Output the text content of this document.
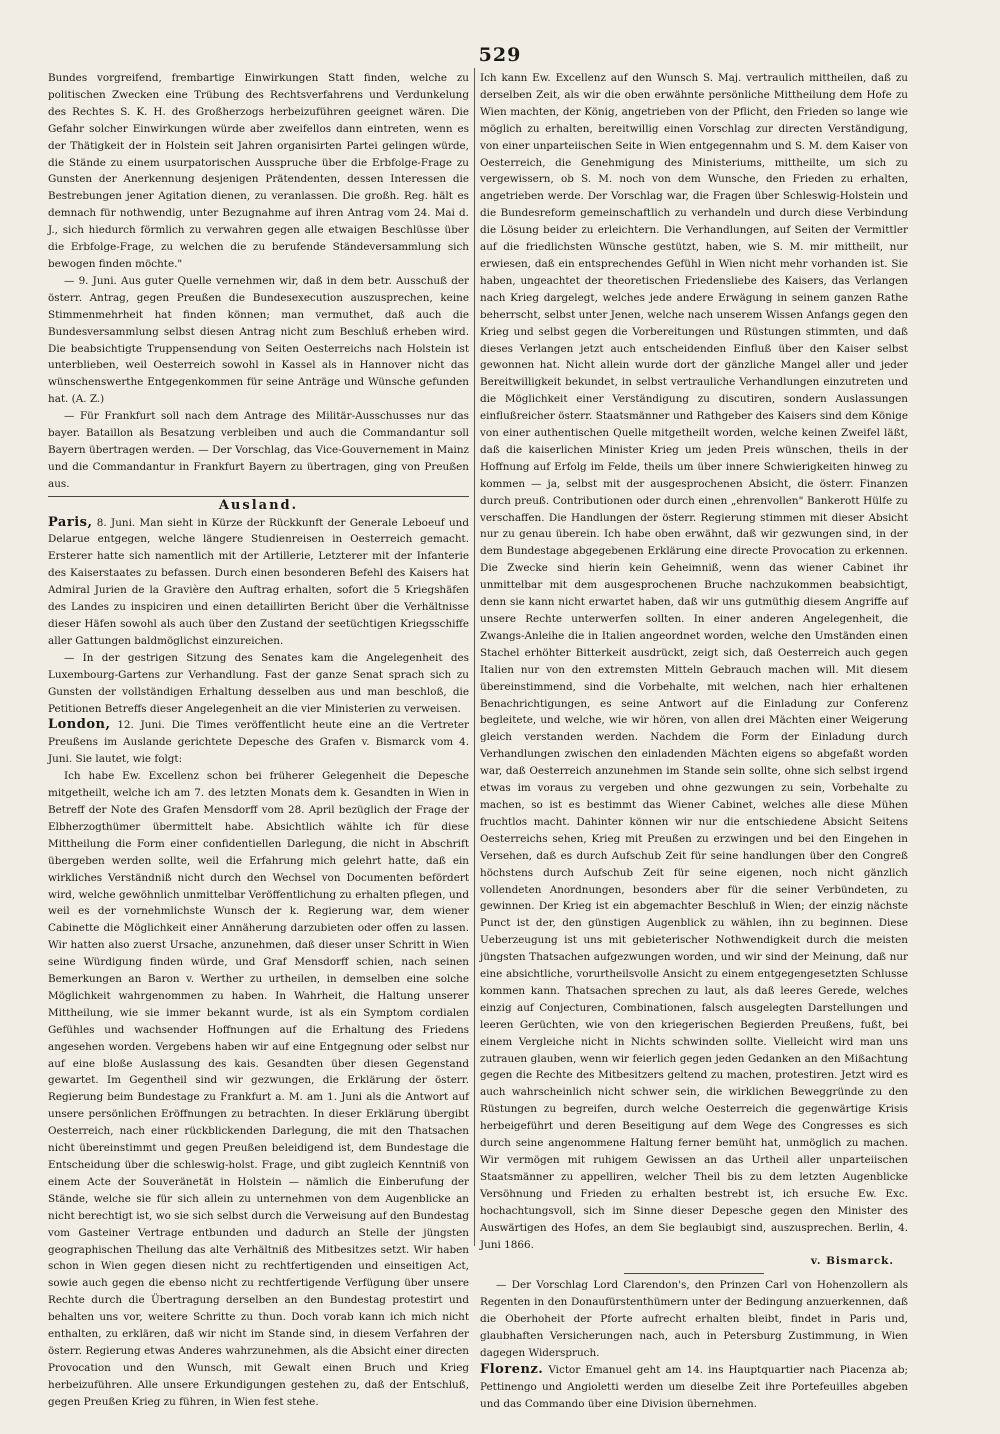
529

Bundes vorgreifend, frembartige Einwirkungen Statt finden, welche zu politischen Zwecken eine Trübung des Rechtsverfahrens und Verdunkelung des Rechtes S. K. H. des Großherzogs herbeizuführen geeignet wären. Die Gefahr solcher Einwirkungen würde aber zweifellos dann eintreten, wenn es der Thätigkeit der in Holstein seit Jahren organisirten Partei gelingen würde, die Stände zu einem usurpatorischen Ausspruche über die Erbfolge-Frage zu Gunsten der Anerkennung desjenigen Prätendenten, dessen Interessen die Bestrebungen jener Agitation dienen, zu veranlassen. Die großh. Reg. hält es demnach für nothwendig, unter Bezugnahme auf ihren Antrag vom 24. Mai d. J., sich hiedurch förmlich zu verwahren gegen alle etwaigen Beschlüsse über die Erbfolge-Frage, zu welchen die zu berufende Ständeversammlung sich bewogen finden möchte."

— 9. Juni. Aus guter Quelle vernehmen wir, daß in dem betr. Ausschuß der österr. Antrag, gegen Preußen die Bundesexecution auszusprechen, keine Stimmenmehrheit hat finden können; man vermuthet, daß auch die Bundesversammlung selbst diesen Antrag nicht zum Beschluß erheben wird. Die beabsichtigte Truppensendung von Seiten Oesterreichs nach Holstein ist unterblieben, weil Oesterreich sowohl in Kassel als in Hannover nicht das wünschenswerthe Entgegenkommen für seine Anträge und Wünsche gefunden hat. (A. Z.)

— Für Frankfurt soll nach dem Antrage des Militär-Ausschusses nur das bayer. Bataillon als Besatzung verbleiben und auch die Commandantur soll Bayern übertragen werden. — Der Vorschlag, das Vice-Gouvernement in Mainz und die Commandantur in Frankfurt Bayern zu übertragen, ging von Preußen aus.

Ausland.

Paris, 8. Juni. Man sieht in Kürze der Rückkunft der Generale Leboeuf und Delarue entgegen, welche längere Studienreisen in Oesterreich gemacht. Ersterer hatte sich namentlich mit der Artillerie, Letzterer mit der Infanterie des Kaiserstaates zu befassen. Durch einen besonderen Befehl des Kaisers hat Admiral Jurien de la Gravière den Auftrag erhalten, sofort die 5 Kriegshäfen des Landes zu inspiciren und einen detaillirten Bericht über die Verhältnisse dieser Häfen sowohl als auch über den Zustand der seetüchtigen Kriegsschiffe aller Gattungen baldmöglichst einzureichen.

— In der gestrigen Sitzung des Senates kam die Angelegenheit des Luxembourg-Gartens zur Verhandlung. Fast der ganze Senat sprach sich zu Gunsten der vollständigen Erhaltung desselben aus und man beschloß, die Petitionen Betreffs dieser Angelegenheit an die vier Ministerien zu verweisen.

London, 12. Juni. Die Times veröffentlicht heute eine an die Vertreter Preußens im Auslande gerichtete Depesche des Grafen v. Bismarck vom 4. Juni. Sie lautet, wie folgt:

Ich habe Ew. Excellenz schon bei früherer Gelegenheit die Depesche mitgetheilt, welche ich am 7. des letzten Monats dem k. Gesandten in Wien in Betreff der Note des Grafen Mensdorff vom 28. April bezüglich der Frage der Elbherzogthümer übermittelt habe. Absichtlich wählte ich für diese Mittheilung die Form einer confidentiellen Darlegung, die nicht in Abschrift übergeben werden sollte, weil die Erfahrung mich gelehrt hatte, daß ein wirkliches Verständniß nicht durch den Wechsel von Documenten befördert wird, welche gewöhnlich unmittelbar Veröffentlichung zu erhalten pflegen, und weil es der vornehmlichste Wunsch der k. Regierung war, dem wiener Cabinette die Möglichkeit einer Annäherung darzubieten oder offen zu lassen. Wir hatten also zuerst Ursache, anzunehmen, daß dieser unser Schritt in Wien seine Würdigung finden würde, und Graf Mensdorff schien, nach seinen Bemerkungen an Baron v. Werther zu urtheilen, in demselben eine solche Möglichkeit wahrgenommen zu haben. In Wahrheit, die Haltung unserer Mittheilung, wie sie immer bekannt wurde, ist als ein Symptom cordialen Gefühles und wachsender Hoffnungen auf die Erhaltung des Friedens angesehen worden. Vergebens haben wir auf eine Entgegnung oder selbst nur auf eine bloße Auslassung des kais. Gesandten über diesen Gegenstand gewartet. Im Gegentheil sind wir gezwungen, die Erklärung der österr. Regierung beim Bundestage zu Frankfurt a. M. am 1. Juni als die Antwort auf unsere persönlichen Eröffnungen zu betrachten. In dieser Erklärung übergibt Oesterreich, nach einer rückblickenden Darlegung, die mit den Thatsachen nicht übereinstimmt und gegen Preußen beleidigend ist, dem Bundestage die Entscheidung über die schleswig-holst. Frage, und gibt zugleich Kenntniß von einem Acte der Souveränetät in Holstein — nämlich die Einberufung der Stände, welche sie für sich allein zu unternehmen von dem Augenblicke an nicht berechtigt ist, wo sie sich selbst durch die Verweisung auf den Bundestag vom Gasteiner Vertrage entbunden und dadurch an Stelle der jüngsten geographischen Theilung das alte Verhältniß des Mitbesitzes setzt. Wir haben schon in Wien gegen diesen nicht zu rechtfertigenden und einseitigen Act, sowie auch gegen die ebenso nicht zu rechtfertigende Verfügung über unsere Rechte durch die Übertragung derselben an den Bundestag protestirt und behalten uns vor, weitere Schritte zu thun. Doch vorab kann ich mich nicht enthalten, zu erklären, daß wir nicht im Stande sind, in diesem Verfahren der österr. Regierung etwas Anderes wahrzunehmen, als die Absicht einer directen Provocation und den Wunsch, mit Gewalt einen Bruch und Krieg herbeizuführen. Alle unsere Erkundigungen gestehen zu, daß der Entschluß, gegen Preußen Krieg zu führen, in Wien fest stehe.

Ich kann Ew. Excellenz auf den Wunsch S. Maj. vertraulich mittheilen, daß zu derselben Zeit, als wir die oben erwähnte persönliche Mittheilung dem Hofe zu Wien machten, der König, angetrieben von der Pflicht, den Frieden so lange wie möglich zu erhalten, bereitwillig einen Vorschlag zur directen Verständigung, von einer unparteiischen Seite in Wien entgegennahm und S. M. dem Kaiser von Oesterreich, die Genehmigung des Ministeriums, mittheilte, um sich zu vergewissern, ob S. M. noch von dem Wunsche, den Frieden zu erhalten, angetrieben werde. Der Vorschlag war, die Fragen über Schleswig-Holstein und die Bundesreform gemeinschaftlich zu verhandeln und durch diese Verbindung die Lösung beider zu erleichtern. Die Verhandlungen, auf Seiten der Vermittler auf die friedlichsten Wünsche gestützt, haben, wie S. M. mir mittheilt, nur erwiesen, daß ein entsprechendes Gefühl in Wien nicht mehr vorhanden ist. Sie haben, ungeachtet der theoretischen Friedensliebe des Kaisers, das Verlangen nach Krieg dargelegt, welches jede andere Erwägung in seinem ganzen Rathe beherrscht, selbst unter Jenen, welche nach unserem Wissen Anfangs gegen den Krieg und selbst gegen die Vorbereitungen und Rüstungen stimmten, und daß dieses Verlangen jetzt auch entscheidenden Einfluß über den Kaiser selbst gewonnen hat. Nicht allein wurde dort der gänzliche Mangel aller und jeder Bereitwilligkeit bekundet, in selbst vertrauliche Verhandlungen einzutreten und die Möglichkeit einer Verständigung zu discutiren, sondern Auslassungen einflußreicher österr. Staatsmänner und Rathgeber des Kaisers sind dem Könige von einer authentischen Quelle mitgetheilt worden, welche keinen Zweifel läßt, daß die kaiserlichen Minister Krieg um jeden Preis wünschen, theils in der Hoffnung auf Erfolg im Felde, theils um über innere Schwierigkeiten hinweg zu kommen — ja, selbst mit der ausgesprochenen Absicht, die österr. Finanzen durch preuß. Contributionen oder durch einen „ehrenvollen" Bankerott Hülfe zu verschaffen. Die Handlungen der österr. Regierung stimmen mit dieser Absicht nur zu genau überein. Ich habe oben erwähnt, daß wir gezwungen sind, in der dem Bundestage abgegebenen Erklärung eine directe Provocation zu erkennen. Die Zwecke sind hierin kein Geheimniß, wenn das wiener Cabinet ihr unmittelbar mit dem ausgesprochenen Bruche nachzukommen beabsichtigt, denn sie kann nicht erwartet haben, daß wir uns gutmüthig diesem Angriffe auf unsere Rechte unterwerfen sollten. In einer anderen Angelegenheit, die Zwangs-Anleihe die in Italien angeordnet worden, welche den Umständen einen Stachel erhöhter Bitterkeit ausdrückt, zeigt sich, daß Oesterreich auch gegen Italien nur von den extremsten Mitteln Gebrauch machen will. Mit diesem übereinstimmend, sind die Vorbehalte, mit welchen, nach hier erhaltenen Benachrichtigungen, es seine Antwort auf die Einladung zur Conferenz begleitete, und welche, wie wir hören, von allen drei Mächten einer Weigerung gleich verstanden werden. Nachdem die Form der Einladung durch Verhandlungen zwischen den einladenden Mächten eigens so abgefaßt worden war, daß Oesterreich anzunehmen im Stande sein sollte, ohne sich selbst irgend etwas im voraus zu vergeben und ohne gezwungen zu sein, Vorbehalte zu machen, so ist es bestimmt das Wiener Cabinet, welches alle diese Mühen fruchtlos macht. Dahinter können wir nur die entschiedene Absicht Seitens Oesterreichs sehen, Krieg mit Preußen zu erzwingen und bei den Eingehen in Versehen, daß es durch Aufschub Zeit für seine handlungen über den Congreß höchstens durch Aufschub Zeit für seine eigenen, noch nicht gänzlich vollendeten Anordnungen, besonders aber für die seiner Verbündeten, zu gewinnen. Der Krieg ist ein abgemachter Beschluß in Wien; der einzig nächste Punct ist der, den günstigen Augenblick zu wählen, ihn zu beginnen. Diese Ueberzeugung ist uns mit gebieterischer Nothwendigkeit durch die meisten jüngsten Thatsachen aufgezwungen worden, und wir sind der Meinung, daß nur eine absichtliche, vorurtheilsvolle Ansicht zu einem entgegengesetzten Schlusse kommen kann. Thatsachen sprechen zu laut, als daß leeres Gerede, welches einzig auf Conjecturen, Combinationen, falsch ausgelegten Darstellungen und leeren Gerüchten, wie von den kriegerischen Begierden Preußens, fußt, bei einem Vergleiche nicht in Nichts schwinden sollte. Vielleicht wird man uns zutrauen glauben, wenn wir feierlich gegen jeden Gedanken an den Mißachtung gegen die Rechte des Mitbesitzers geltend zu machen, protestiren. Jetzt wird es auch wahrscheinlich nicht schwer sein, die wirklichen Beweggründe zu den Rüstungen zu begreifen, durch welche Oesterreich die gegenwärtige Krisis herbeigeführt und deren Beseitigung auf dem Wege des Congresses es sich durch seine angenommene Haltung ferner bemüht hat, unmöglich zu machen. Wir vermögen mit ruhigem Gewissen an das Urtheil aller unparteiischen Staatsmänner zu appelliren, welcher Theil bis zu dem letzten Augenblicke Versöhnung und Frieden zu erhalten bestrebt ist, ich ersuche Ew. Exc. hochachtungsvoll, sich im Sinne dieser Depesche gegen den Minister des Auswärtigen des Hofes, an dem Sie beglaubigt sind, auszusprechen. Berlin, 4. Juni 1866.

v. Bismarck.

— Der Vorschlag Lord Clarendon's, den Prinzen Carl von Hohenzollern als Regenten in den Donaufürstenthümern unter der Bedingung anzuerkennen, daß die Oberhoheit der Pforte aufrecht erhalten bleibt, findet in Paris und, glaubhaften Versicherungen nach, auch in Petersburg Zustimmung, in Wien dagegen Widerspruch.

Florenz. Victor Emanuel geht am 14. ins Hauptquartier nach Piacenza ab; Pettinengo und Angioletti werden um dieselbe Zeit ihre Portefeuilles abgeben und das Commando über eine Division übernehmen.
